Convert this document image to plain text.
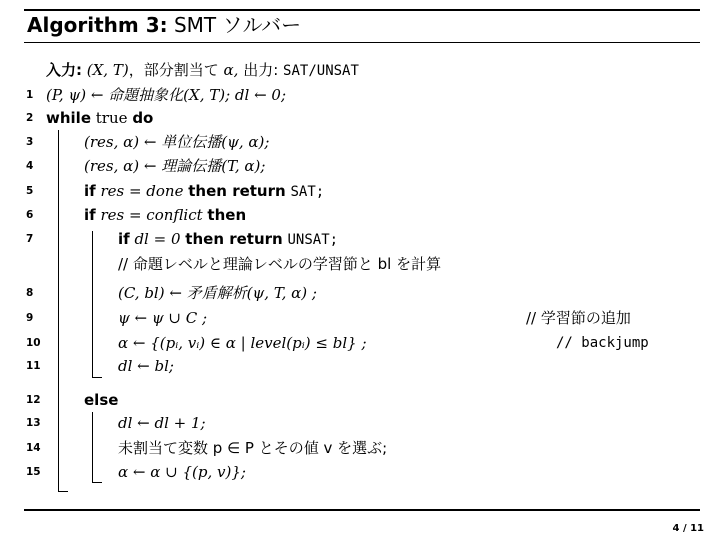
Algorithm 3: SMT ソルバー
入力: (X, T)，部分割当て α, 出力: SAT/UNSAT
1 (P, ψ) ← 命題抽象化(X, T); dl ← 0;
2 while true do
3	(res, α) ← 単位伝播(ψ, α);
4	(res, α) ← 理論伝播(T, α);
5	if res = done then return SAT;
6	if res = conflict then
7	if dl = 0 then return UNSAT;
// 命題レベルと理論レベルの学習節と bl を計算
8	(C, bl) ← 矛盾解析(ψ, T, α) ;
9	ψ ← ψ ∪ C ;	// 学習節の追加
10	α ← {(pᵢ, vᵢ) ∈ α | level(pᵢ) ≤ bl} ;	// backjump
11	dl ← bl;
12	else
13	dl ← dl + 1;
14	未割当て変数 p ∈ P とその値 v を選ぶ;
15	α ← α ∪ {(p, v)};
4 / 11
